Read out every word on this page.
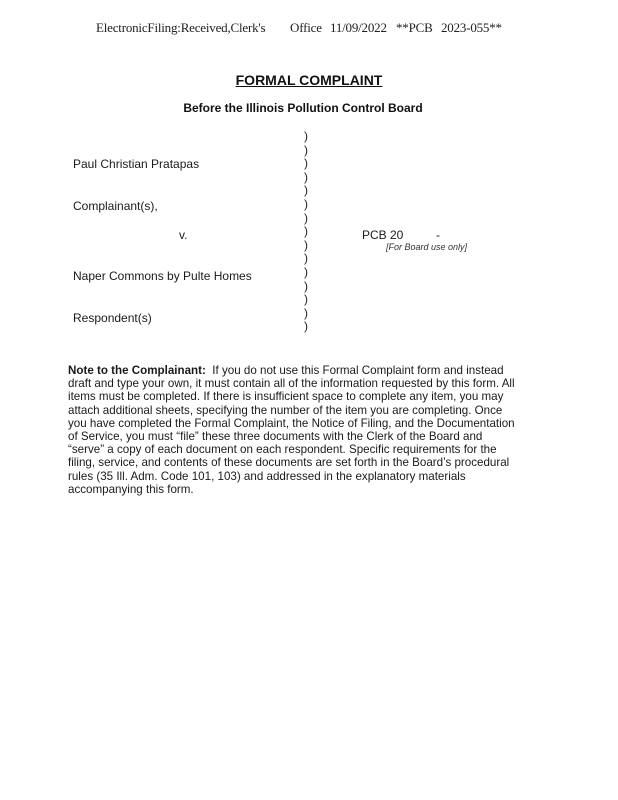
ElectronicFiling:Received,Clerk's Office 11/09/2022 **PCB 2023-055**
FORMAL COMPLAINT
Before the Illinois Pollution Control Board
Paul Christian Pratapas
Complainant(s),
v.
Naper Commons by Pulte Homes
Respondent(s)
PCB 20	-
[For Board use only]
)
)
)
)
)
)
)
)
)
)
)
)
)
)
)
Note to the Complainant: If you do not use this Formal Complaint form and instead
draft and type your own, it must contain all of the information requested by this form. All
items must be completed. If there is insufficient space to complete any item, you may
attach additional sheets, specifying the number of the item you are completing. Once
you have completed the Formal Complaint, the Notice of Filing, and the Documentation
of Service, you must “file” these three documents with the Clerk of the Board and
“serve” a copy of each document on each respondent. Specific requirements for the
filing, service, and contents of these documents are set forth in the Board’s procedural
rules (35 Ill. Adm. Code 101, 103) and addressed in the explanatory materials
accompanying this form.
